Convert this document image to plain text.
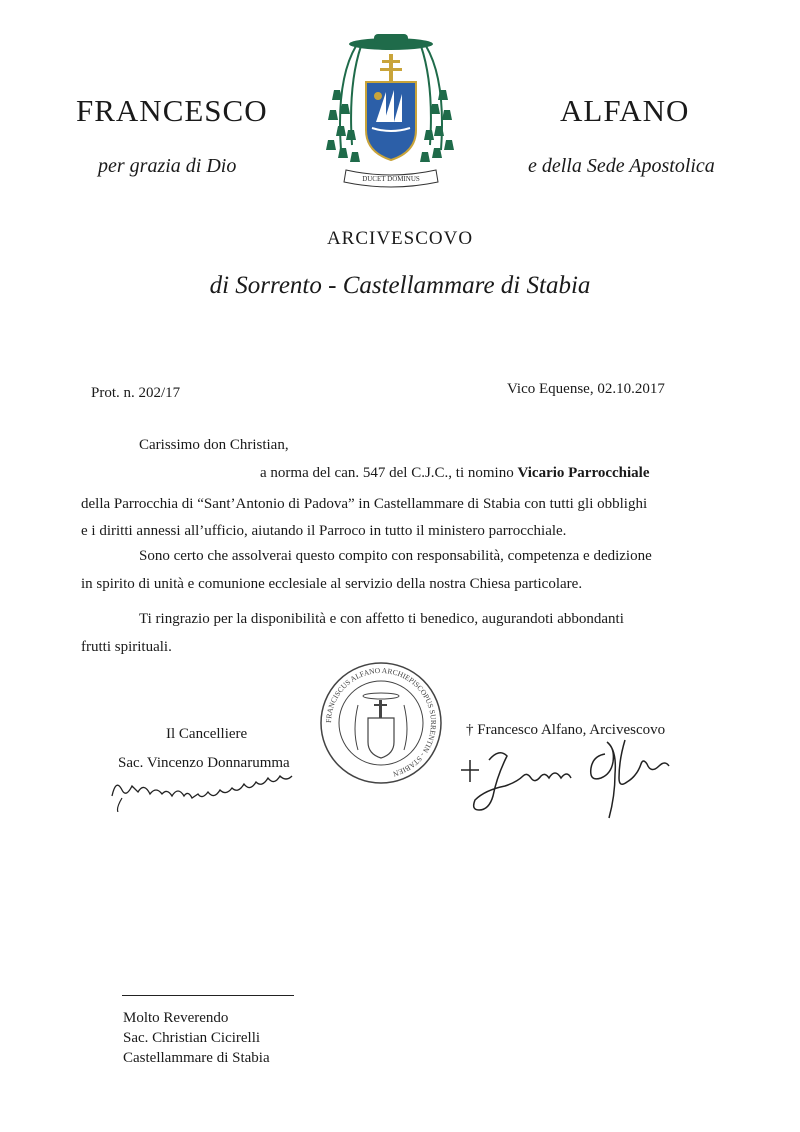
FRANCESCO	ALFANO
per grazia di Dio	e della Sede Apostolica
DUCET DOMINUS
ARCIVESCOVO
di Sorrento - Castellammare di Stabia
Prot. n. 202/17	Vico Equense, 02.10.2017
Carissimo don Christian,
a norma del can. 547 del C.J.C., ti nomino Vicario Parrocchiale
della Parrocchia di “Sant’Antonio di Padova” in Castellammare di Stabia con tutti gli obblighi
e i diritti annessi all’ufficio, aiutando il Parroco in tutto il ministero parrocchiale.
Sono certo che assolverai questo compito con responsabilità, competenza e dedizione
in spirito di unità e comunione ecclesiale al servizio della nostra Chiesa particolare.
Ti ringrazio per la disponibilità e con affetto ti benedico, augurandoti abbondanti
frutti spirituali.
FRANCISCUS ALFANO ARCHIEPISCOPUS SURRENTIN - STABIEN
Il Cancelliere
Sac. Vincenzo Donnarumma
† Francesco Alfano, Arcivescovo
Molto Reverendo
Sac. Christian Cicirelli
Castellammare di Stabia
